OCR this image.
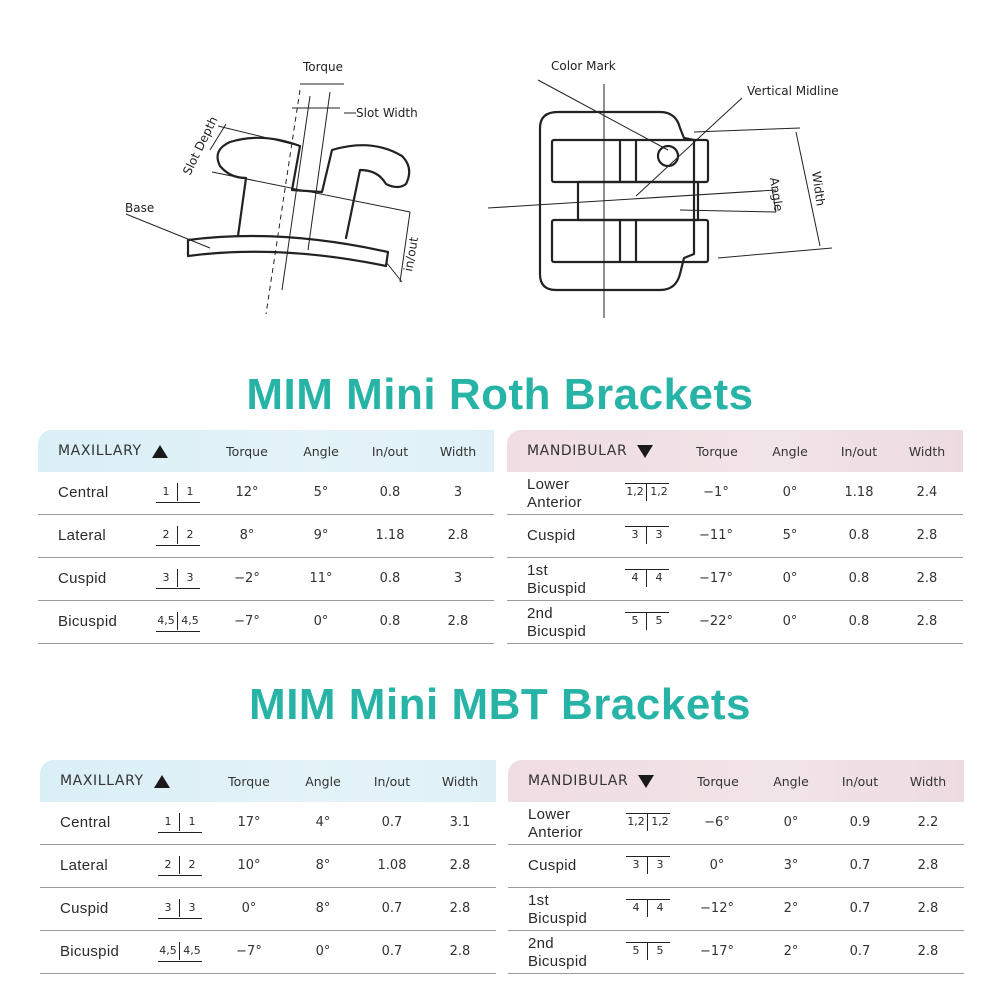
Torque
Slot Width
Slot Depth
Base
in/out
Color Mark
Vertical Midline
Angle Width
MIM Mini Roth Brackets
MAXILLARY	Torque	Angle	In/out	Width
Central	1	1	12°	5°	0.8	3
Lateral	2	2	8°	9°	1.18	2.8
Cuspid	3	3	−2°	11°	0.8	3
Bicuspid	4,5 4,5	−7°	0°	0.8	2.8
MANDIBULAR	Torque	Angle	In/out	Width
Lower
Anterior
1,2 1,2	−1°	0°	1.18	2.4
Cuspid	3	3	−11°	5°	0.8	2.8
1st
Bicuspid
4	4	−17°	0°	0.8	2.8
2nd
Bicuspid
5	5	−22°	0°	0.8	2.8
MIM Mini MBT Brackets
MAXILLARY	Torque	Angle	In/out	Width
Central	1	1	17°	4°	0.7	3.1
Lateral	2	2	10°	8°	1.08	2.8
Cuspid	3	3	0°	8°	0.7	2.8
Bicuspid	4,5 4,5	−7°	0°	0.7	2.8
MANDIBULAR	Torque	Angle	In/out	Width
Lower
Anterior
1,2 1,2	−6°	0°	0.9	2.2
Cuspid	3	3	0°	3°	0.7	2.8
1st
Bicuspid
4	4	−12°	2°	0.7	2.8
2nd
Bicuspid
5	5	−17°	2°	0.7	2.8
